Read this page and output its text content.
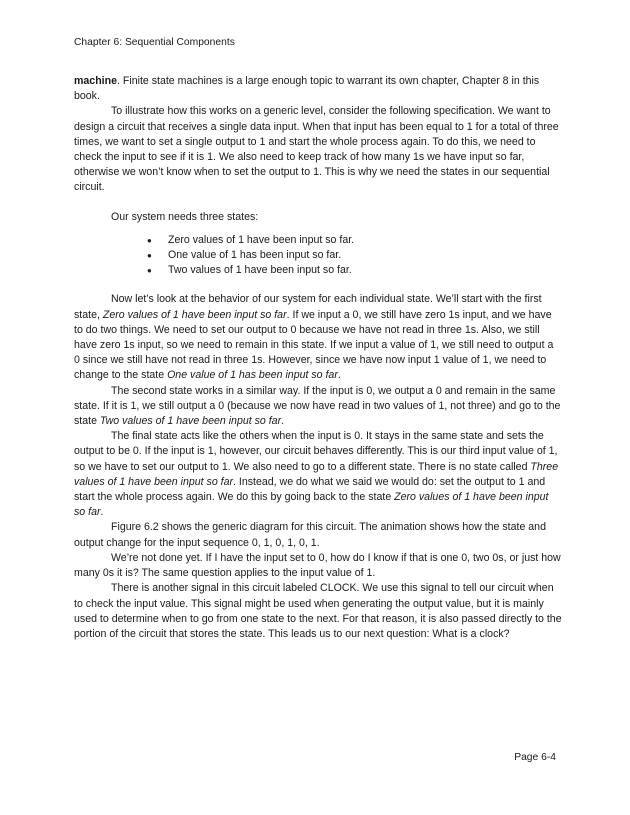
Chapter 6: Sequential Components

machine. Finite state machines is a large enough topic to warrant its own chapter, Chapter 8 in this book.

To illustrate how this works on a generic level, consider the following specification. We want to design a circuit that receives a single data input. When that input has been equal to 1 for a total of three times, we want to set a single output to 1 and start the whole process again. To do this, we need to check the input to see if it is 1. We also need to keep track of how many 1s we have input so far, otherwise we won’t know when to set the output to 1. This is why we need the states in our sequential circuit.

Our system needs three states:

● Zero values of 1 have been input so far.
● One value of 1 has been input so far.
● Two values of 1 have been input so far.

Now let’s look at the behavior of our system for each individual state. We’ll start with the first state, Zero values of 1 have been input so far. If we input a 0, we still have zero 1s input, and we have to do two things. We need to set our output to 0 because we have not read in three 1s. Also, we still have zero 1s input, so we need to remain in this state. If we input a value of 1, we still need to output a 0 since we still have not read in three 1s. However, since we have now input 1 value of 1, we need to change to the state One value of 1 has been input so far.

The second state works in a similar way. If the input is 0, we output a 0 and remain in the same state. If it is 1, we still output a 0 (because we now have read in two values of 1, not three) and go to the state Two values of 1 have been input so far.

The final state acts like the others when the input is 0. It stays in the same state and sets the output to be 0. If the input is 1, however, our circuit behaves differently. This is our third input value of 1, so we have to set our output to 1. We also need to go to a different state. There is no state called Three values of 1 have been input so far. Instead, we do what we said we would do: set the output to 1 and start the whole process again. We do this by going back to the state Zero values of 1 have been input so far.

Figure 6.2 shows the generic diagram for this circuit. The animation shows how the state and output change for the input sequence 0, 1, 0, 1, 0, 1.

We’re not done yet. If I have the input set to 0, how do I know if that is one 0, two 0s, or just how many 0s it is? The same question applies to the input value of 1.

There is another signal in this circuit labeled CLOCK. We use this signal to tell our circuit when to check the input value. This signal might be used when generating the output value, but it is mainly used to determine when to go from one state to the next. For that reason, it is also passed directly to the portion of the circuit that stores the state. This leads us to our next question: What is a clock?

Page 6-4
